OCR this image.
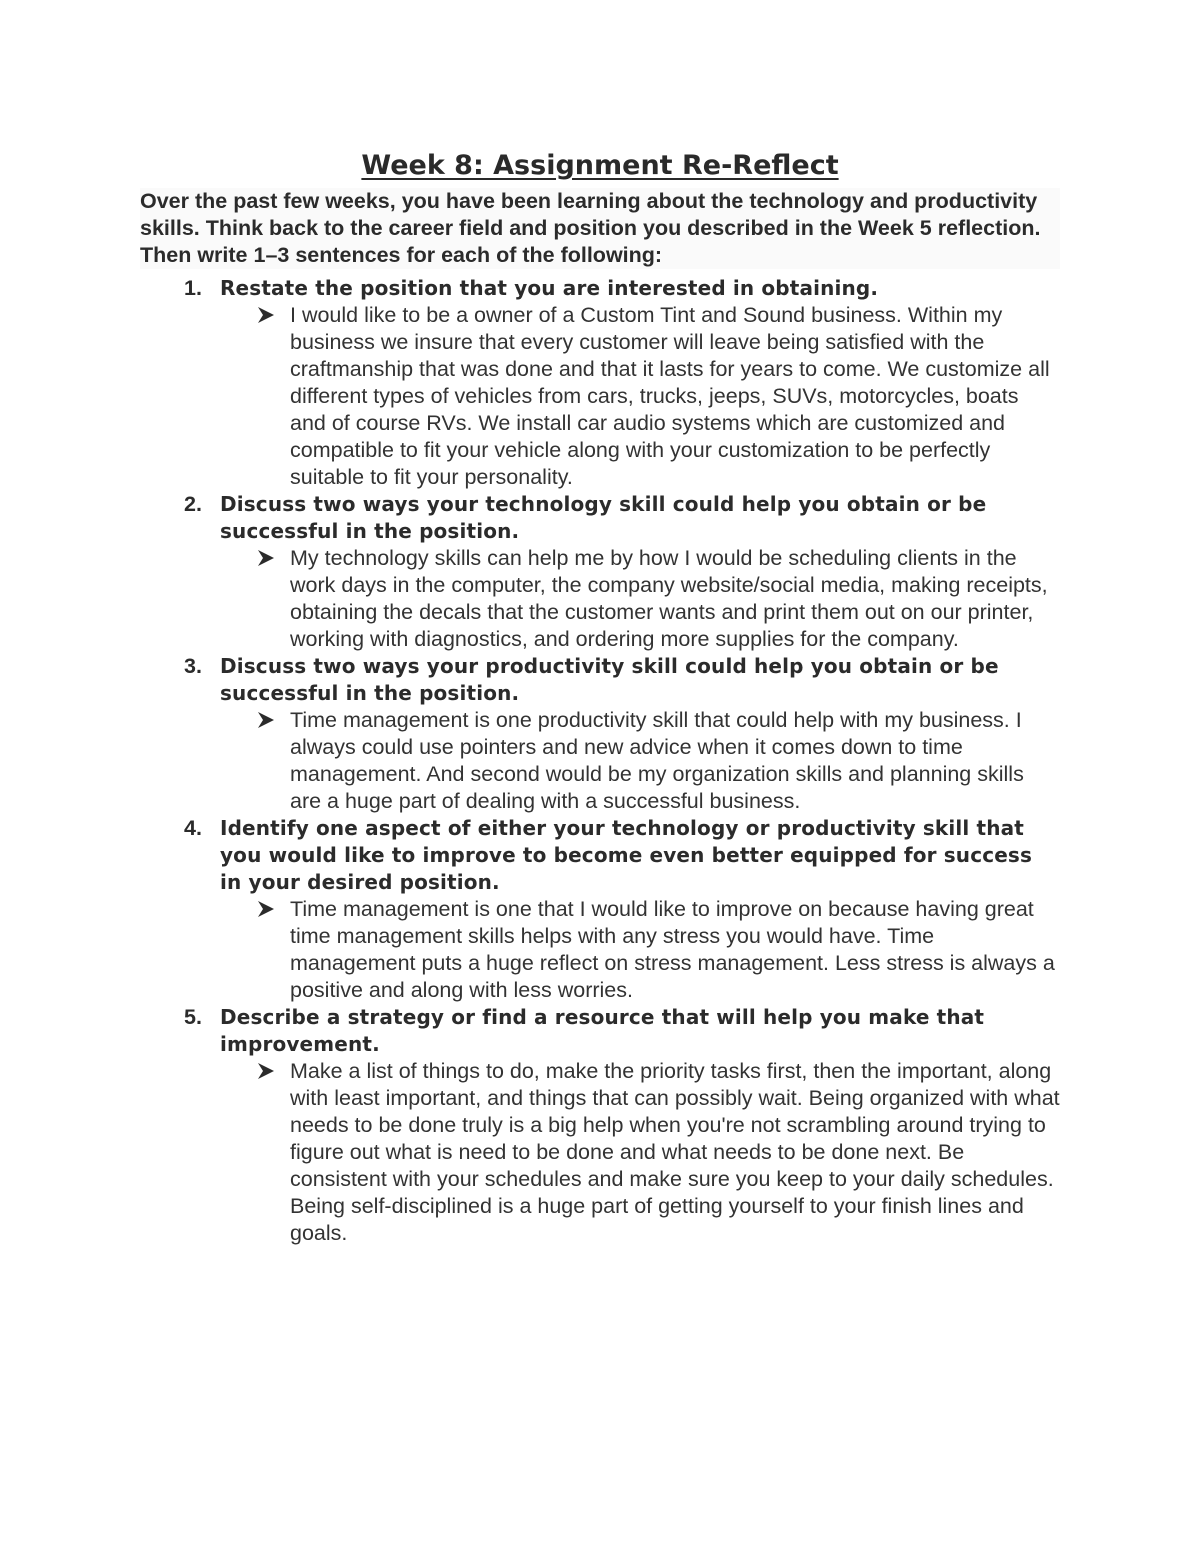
Week 8: Assignment Re-Reflect

Over the past few weeks, you have been learning about the technology and productivity skills. Think back to the career field and position you described in the Week 5 reflection. Then write 1–3 sentences for each of the following:

1. Restate the position that you are interested in obtaining.
I would like to be a owner of a Custom Tint and Sound business. Within my business we insure that every customer will leave being satisfied with the craftmanship that was done and that it lasts for years to come. We customize all different types of vehicles from cars, trucks, jeeps, SUVs, motorcycles, boats and of course RVs. We install car audio systems which are customized and compatible to fit your vehicle along with your customization to be perfectly suitable to fit your personality.
2. Discuss two ways your technology skill could help you obtain or be successful in the position.
My technology skills can help me by how I would be scheduling clients in the work days in the computer, the company website/social media, making receipts, obtaining the decals that the customer wants and print them out on our printer, working with diagnostics, and ordering more supplies for the company.
3. Discuss two ways your productivity skill could help you obtain or be successful in the position.
Time management is one productivity skill that could help with my business. I always could use pointers and new advice when it comes down to time management. And second would be my organization skills and planning skills are a huge part of dealing with a successful business.
4. Identify one aspect of either your technology or productivity skill that you would like to improve to become even better equipped for success in your desired position.
Time management is one that I would like to improve on because having great time management skills helps with any stress you would have. Time management puts a huge reflect on stress management. Less stress is always a positive and along with less worries.
5. Describe a strategy or find a resource that will help you make that improvement.
Make a list of things to do, make the priority tasks first, then the important, along with least important, and things that can possibly wait. Being organized with what needs to be done truly is a big help when you're not scrambling around trying to figure out what is need to be done and what needs to be done next. Be consistent with your schedules and make sure you keep to your daily schedules. Being self-disciplined is a huge part of getting yourself to your finish lines and goals.
